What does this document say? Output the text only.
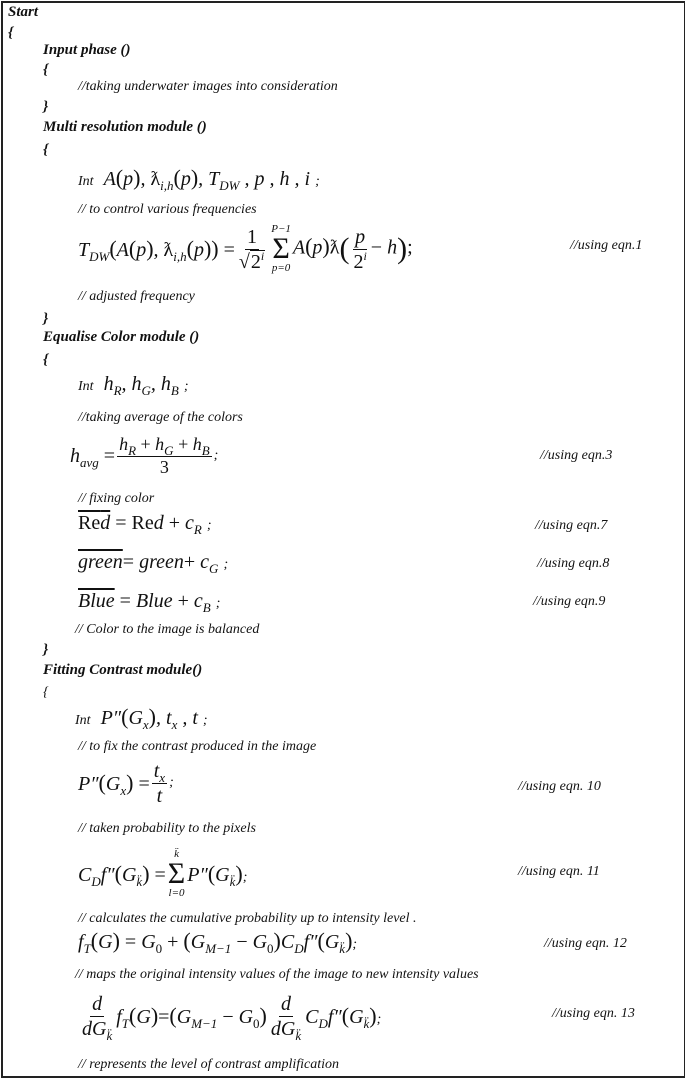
Start
{
Input phase ()
{
//taking underwater images into consideration
}
Multi resolution module ()
{
Int A(p), $ƛ_{i,h}(p)$, $T_{DW}$ , p , h , i ;
// to control various frequencies
$T_{DW}(A(p)$, $ƛ_{i,h}(p)) = \frac{1}{√2^i} P-1$
Σ
p=0
A(p)ƛ( $\frac{p}{2^i} - h$);	//using eqn.1
// adjusted frequency
}
Equalise Color module ()
{
Int $h_R$, $h_G$, $h_B$ ;
//taking average of the colors
$h_{avg} = \frac{h_R + h_G + h_B}{3}$ ;	//using eqn.3
// fixing color
Red = Red + $c_R$ ;	//using eqn.7
green= green+ $c_G$ ;	//using eqn.8
Blue = Blue + $c_B$ ;	//using eqn.9
// Color to the image is balanced
}
Fitting Contrast module()
{
Int $P''(G_x)$, $t_x$ , t ;
// to fix the contrast produced in the image
$P''(G_x) = \frac{t_x}{t}$ ;	//using eqn. 10
// taken probability to the pixels
$C_Df''(G_{k̈})$ =
k̈
Σ
l=0
$P''(G_{k̈})$;	//using eqn. 11
// calculates the cumulative probability up to intensity level .
$f_T(G) = G_0 + (G_{M-1} - G_0)C_Df''(G_{k̈})$;	//using eqn. 12
// maps the original intensity values of the image to new intensity values
$\frac{d}{dG_{k̈}} f_T(G)=(G_{M-1} - G_0) \frac{d}{dG_{k̈}} C_Df''(G_{k̈})$;	//using eqn. 13
// represents the level of contrast amplification
